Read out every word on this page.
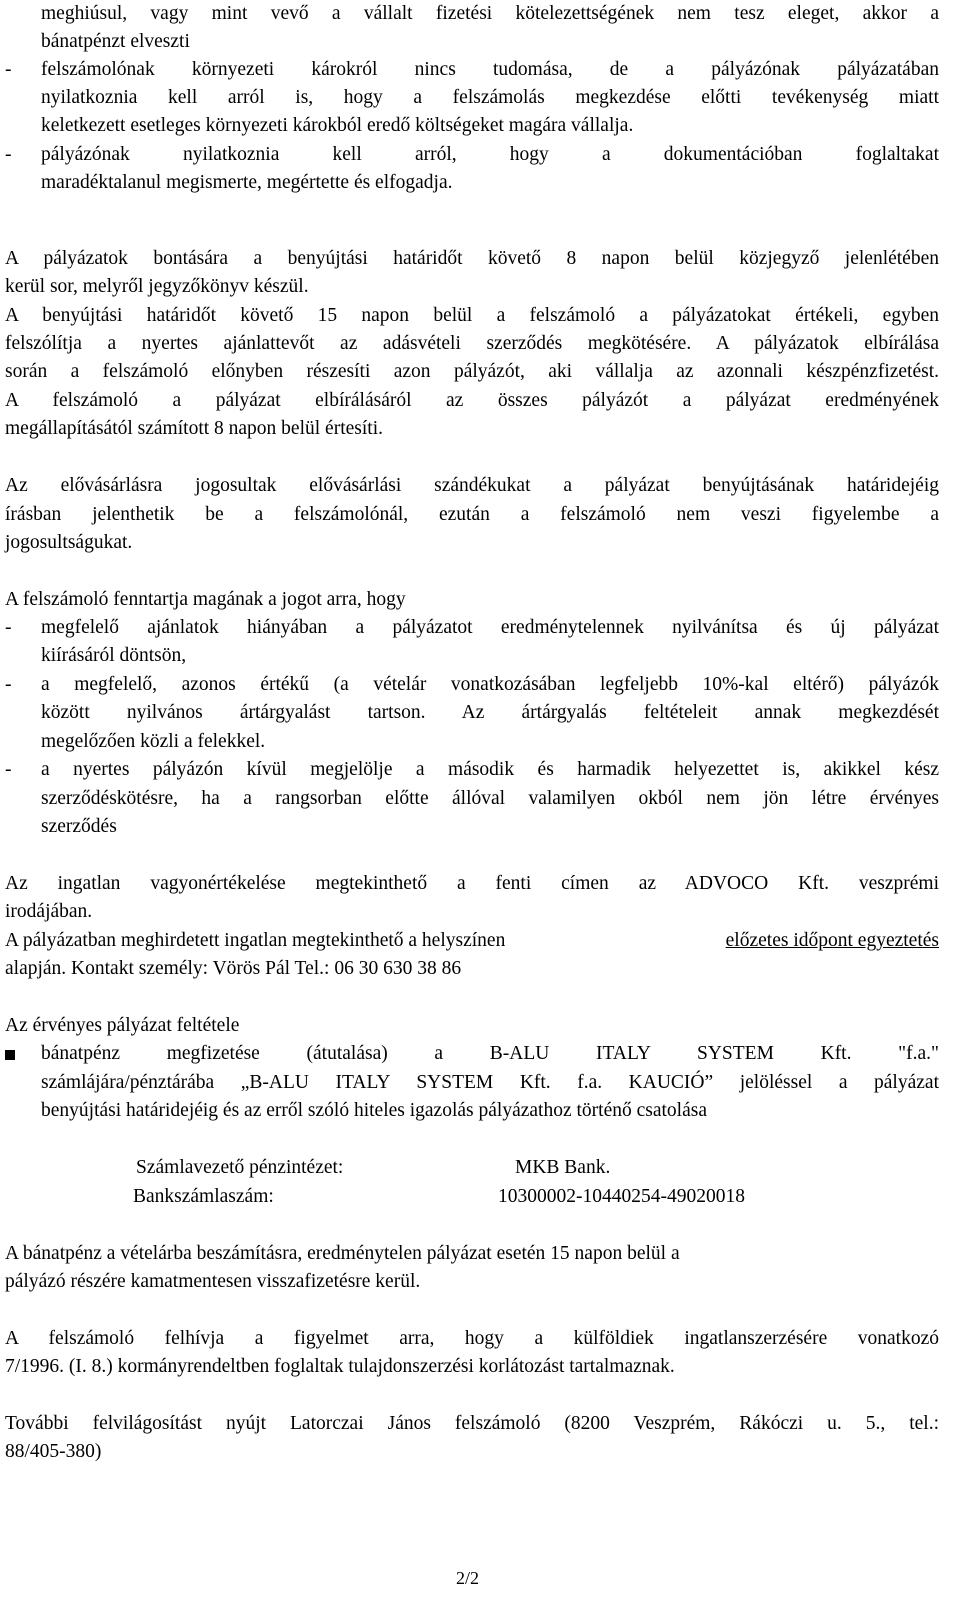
meghiúsul, vagy mint vevő a vállalt fizetési kötelezettségének nem tesz eleget, akkor a
bánatpénzt elveszti
- felszámolónak környezeti károkról nincs tudomása, de a pályázónak pályázatában
nyilatkoznia kell arról is, hogy a felszámolás megkezdése előtti tevékenység miatt
keletkezett esetleges környezeti károkból eredő költségeket magára vállalja.
- pályázónak nyilatkoznia kell arról, hogy a dokumentációban foglaltakat
maradéktalanul megismerte, megértette és elfogadja.
A pályázatok bontására a benyújtási határidőt követő 8 napon belül közjegyző jelenlétében
kerül sor, melyről jegyzőkönyv készül.
A benyújtási határidőt követő 15 napon belül a felszámoló a pályázatokat értékeli, egyben
felszólítja a nyertes ajánlattevőt az adásvételi szerződés megkötésére. A pályázatok elbírálása
során a felszámoló előnyben részesíti azon pályázót, aki vállalja az azonnali készpénzfizetést.
A felszámoló a pályázat elbírálásáról az összes pályázót a pályázat eredményének
megállapításától számított 8 napon belül értesíti.
Az elővásárlásra jogosultak elővásárlási szándékukat a pályázat benyújtásának határidejéig
írásban jelenthetik be a felszámolónál, ezután a felszámoló nem veszi figyelembe a
jogosultságukat.
A felszámoló fenntartja magának a jogot arra, hogy
- megfelelő ajánlatok hiányában a pályázatot eredménytelennek nyilvánítsa és új pályázat
kiírásáról döntsön,
- a megfelelő, azonos értékű (a vételár vonatkozásában legfeljebb 10%-kal eltérő) pályázók
között nyilvános ártárgyalást tartson. Az ártárgyalás feltételeit annak megkezdését
megelőzően közli a felekkel.
- a nyertes pályázón kívül megjelölje a második és harmadik helyezettet is, akikkel kész
szerződéskötésre, ha a rangsorban előtte állóval valamilyen okból nem jön létre érvényes
szerződés
Az ingatlan vagyonértékelése megtekinthető a fenti címen az ADVOCO Kft. veszprémi
irodájában.
A pályázatban meghirdetett ingatlan megtekinthető a helyszínen	előzetes időpont egyeztetés
alapján. Kontakt személy: Vörös Pál Tel.: 06 30 630 38 86
Az érvényes pályázat feltétele
bánatpénz megfizetése (átutalása) a B-ALU ITALY SYSTEM Kft. "f.a."
számlájára/pénztárába „B-ALU ITALY SYSTEM Kft. f.a. KAUCIÓ” jelöléssel a pályázat
benyújtási határidejéig és az erről szóló hiteles igazolás pályázathoz történő csatolása
Számlavezető pénzintézet:	MKB Bank.
Bankszámlaszám:	10300002-10440254-49020018
A bánatpénz a vételárba beszámításra, eredménytelen pályázat esetén 15 napon belül a
pályázó részére kamatmentesen visszafizetésre kerül.
A felszámoló felhívja a figyelmet arra, hogy a külföldiek ingatlanszerzésére vonatkozó
7/1996. (I. 8.) kormányrendeltben foglaltak tulajdonszerzési korlátozást tartalmaznak.
További felvilágosítást nyújt Latorczai János felszámoló (8200 Veszprém, Rákóczi u. 5., tel.:
88/405-380)
2/2
